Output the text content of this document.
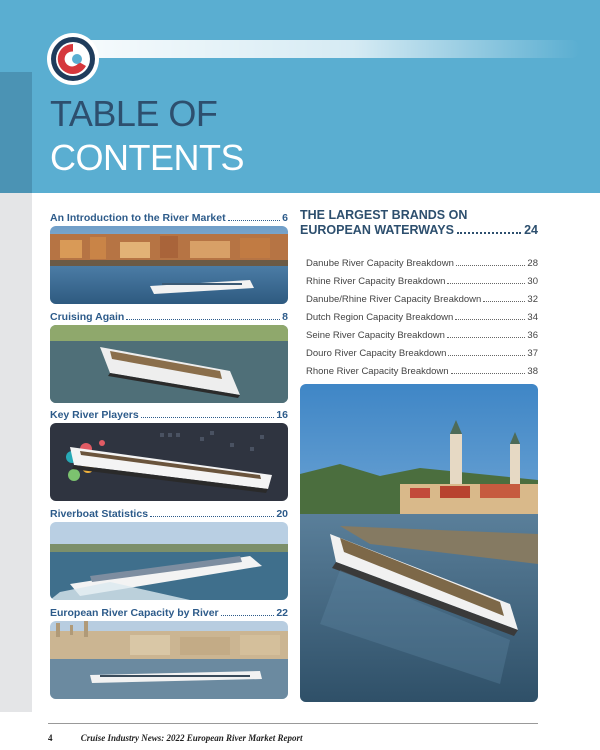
TABLE OF
CONTENTS
An Introduction to the River Market	6
Cruising Again	8
Key River Players	16
Riverboat Statistics	20
European River Capacity by River	22
THE LARGEST BRANDS ON
EUROPEAN WATERWAYS	24
Danube River Capacity Breakdown	28
Rhine River Capacity Breakdown	30
Danube/Rhine River Capacity Breakdown	32
Dutch Region Capacity Breakdown	34
Seine River Capacity Breakdown	36
Douro River Capacity Breakdown	37
Rhone River Capacity Breakdown	38
4	Cruise Industry News: 2022 European River Market Report
